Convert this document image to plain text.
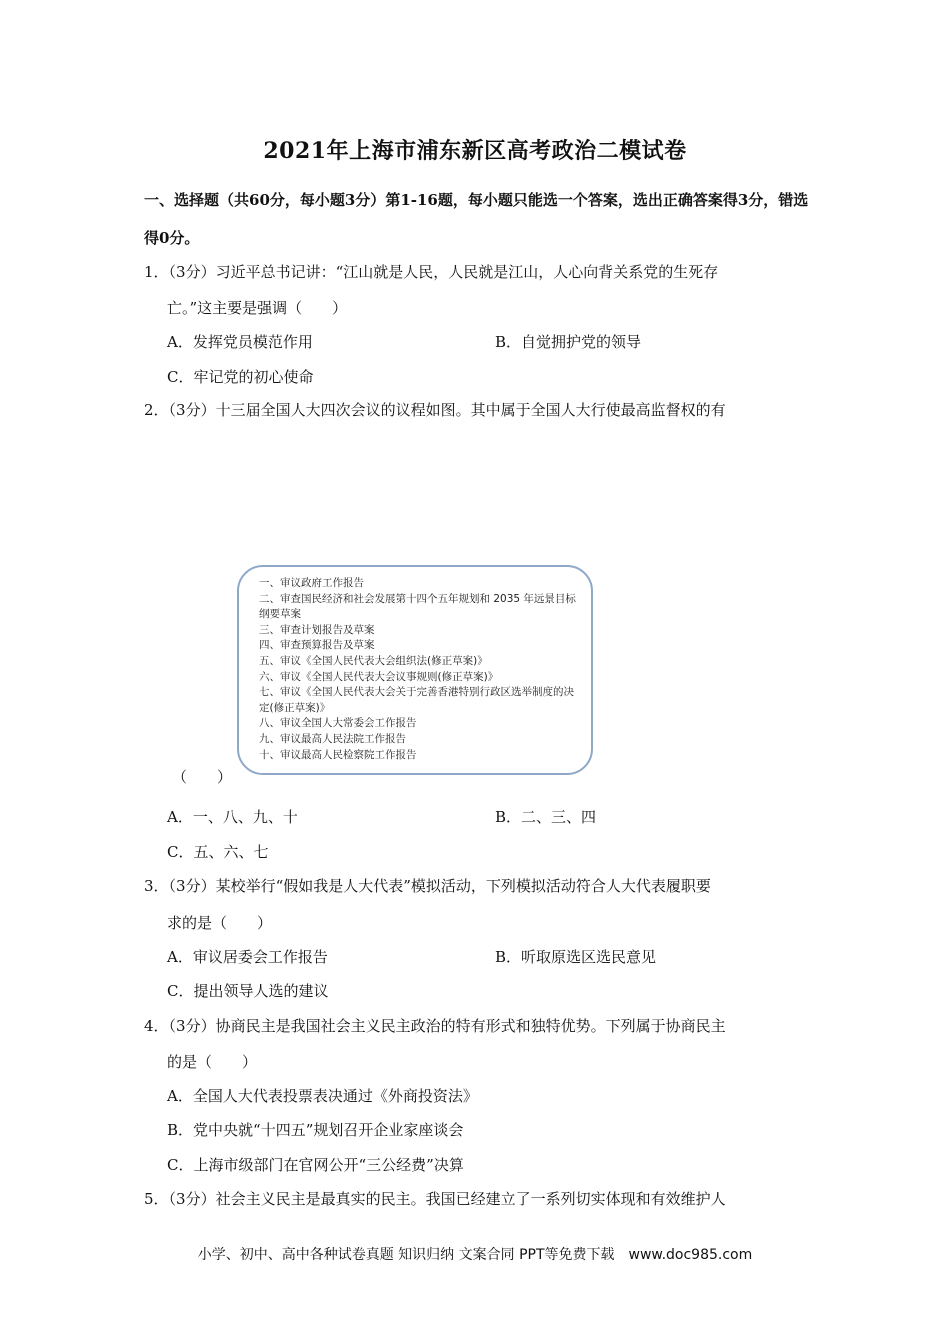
2021年上海市浦东新区高考政治二模试卷
一、选择题（共60分，每小题3分）第1-16题，每小题只能选一个答案，选出正确答案得3分，错选得0分。
1．（3分）习近平总书记讲：“江山就是人民，人民就是江山，人心向背关系党的生死存
亡。”这主要是强调（　　）
A．发挥党员模范作用	B．自觉拥护党的领导
C．牢记党的初心使命
2．（3分）十三届全国人大四次会议的议程如图。其中属于全国人大行使最高监督权的有
一、审议政府工作报告
二、审查国民经济和社会发展第十四个五年规划和 2035 年远景目标纲要草案
三、审查计划报告及草案
四、审查预算报告及草案
五、审议《全国人民代表大会组织法(修正草案)》
六、审议《全国人民代表大会议事规则(修正草案)》
七、审议《全国人民代表大会关于完善香港特别行政区选举制度的决定(修正草案)》
八、审议全国人大常委会工作报告
九、审议最高人民法院工作报告
十、审议最高人民检察院工作报告
（　　）
A．一、八、九、十	B．二、三、四
C．五、六、七
3．（3分）某校举行“假如我是人大代表”模拟活动，下列模拟活动符合人大代表履职要
求的是（　　）
A．审议居委会工作报告	B．听取原选区选民意见
C．提出领导人选的建议
4．（3分）协商民主是我国社会主义民主政治的特有形式和独特优势。下列属于协商民主
的是（　　）
A．全国人大代表投票表决通过《外商投资法》
B．党中央就“十四五”规划召开企业家座谈会
C．上海市级部门在官网公开“三公经费”决算
5．（3分）社会主义民主是最真实的民主。我国已经建立了一系列切实体现和有效维护人
小学、初中、高中各种试卷真题 知识归纳 文案合同 PPT等免费下载　www.doc985.com
